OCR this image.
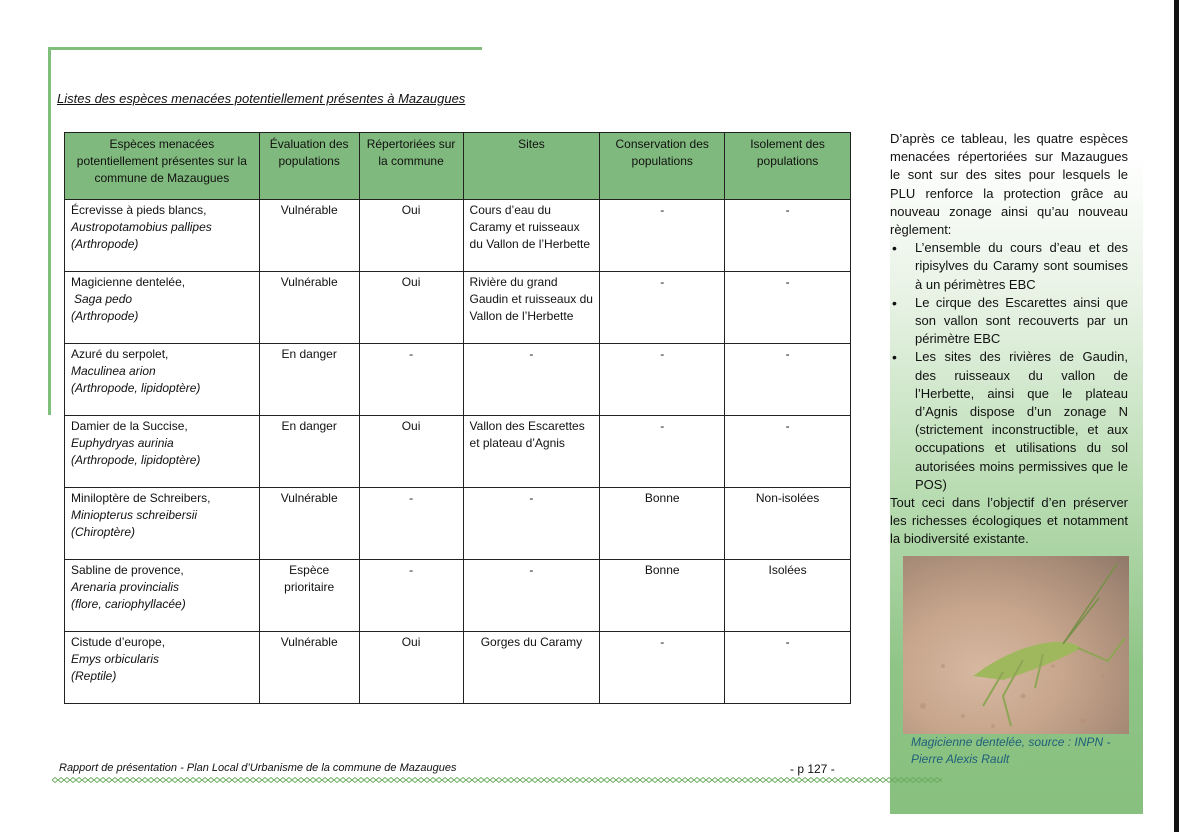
Listes des espèces menacées potentiellement présentes à Mazaugues
Espèces menacées potentiellement présentes sur la commune de Mazaugues	Évaluation des populations	Répertoriées sur la commune	Sites	Conservation des populations	Isolement des populations

Écrevisse à pieds blancs,
Austropotamobius pallipes
(Arthropode)	Vulnérable	Oui	Cours d’eau du Caramy et ruisseaux du Vallon de l’Herbette	-	-

Magicienne dentelée,
Saga pedo
(Arthropode)	Vulnérable	Oui	Rivière du grand Gaudin et ruisseaux du Vallon de l’Herbette	-	-

Azuré du serpolet,
Maculinea arion
(Arthropode, lipidoptère)	En danger	-	-	-	-

Damier de la Succise,
Euphydryas aurinia
(Arthropode, lipidoptère)	En danger	Oui	Vallon des Escarettes et plateau d’Agnis	-	-

Miniloptère de Schreibers,
Miniopterus schreibersii
(Chiroptère)	Vulnérable	-	-	Bonne	Non-isolées

Sabline de provence,
Arenaria provincialis
(flore, cariophyllacée)	Espèce prioritaire	-	-	Bonne	Isolées

Cistude d’europe,
Emys orbicularis
(Reptile)	Vulnérable	Oui	Gorges du Caramy	-	-

D’après ce tableau, les quatre espèces menacées répertoriées sur Mazaugues le sont sur des sites pour lesquels le PLU renforce la protection grâce au nouveau zonage ainsi qu’au nouveau règlement:

• L’ensemble du cours d’eau et des ripisylves du Caramy sont soumises à un périmètres EBC
• Le cirque des Escarettes ainsi que son vallon sont recouverts par un périmètre EBC
• Les sites des rivières de Gaudin, des ruisseaux du vallon de l’Herbette, ainsi que le plateau d’Agnis dispose d’un zonage N (strictement inconstructible, et aux occupations et utilisations du sol autorisées moins permissives que le POS)

Tout ceci dans l’objectif d’en préserver les richesses écologiques et notamment la biodiversité existante.

Magicienne dentelée, source : INPN - Pierre Alexis Rault
Rapport de présentation - Plan Local d’Urbanisme de la commune de Mazaugues	- p 127 -
